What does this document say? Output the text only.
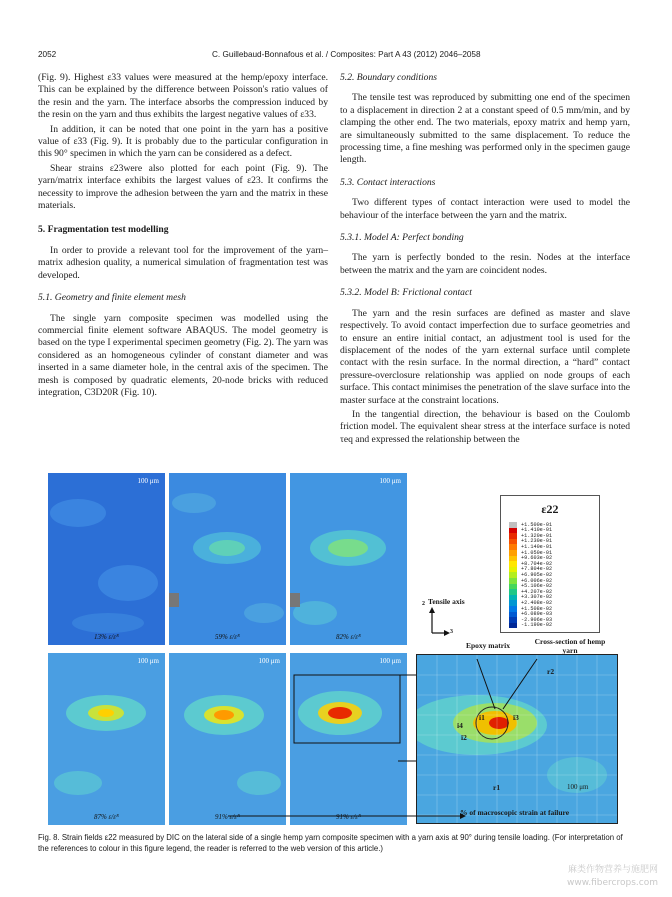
2052	C. Guillebaud-Bonnafous et al. / Composites: Part A 43 (2012) 2046–2058

(Fig. 9). Highest ε33 values were measured at the hemp/epoxy interface. This can be explained by the difference between Poisson's ratio values of the resin and the yarn. The interface absorbs the compression induced by the resin on the yarn and thus exhibits the largest negative values of ε33.

In addition, it can be noted that one point in the yarn has a positive value of ε33 (Fig. 9). It is probably due to the particular configuration in this 90° specimen in which the yarn can be considered as a defect.

Shear strains ε23were also plotted for each point (Fig. 9). The yarn/matrix interface exhibits the largest values of ε23. It confirms the necessity to improve the adhesion between the yarn and the matrix in these materials.

5. Fragmentation test modelling

In order to provide a relevant tool for the improvement of the yarn–matrix adhesion quality, a numerical simulation of fragmentation test was developed.

5.1. Geometry and finite element mesh

The single yarn composite specimen was modelled using the commercial finite element software ABAQUS. The model geometry is based on the type I experimental specimen geometry (Fig. 2). The yarn was considered as an homogeneous cylinder of constant diameter and was inserted in a same diameter hole, in the central axis of the specimen. The mesh is composed by quadratic elements, 20-node bricks with reduced integration, C3D20R (Fig. 10).

5.2. Boundary conditions

The tensile test was reproduced by submitting one end of the specimen to a displacement in direction 2 at a constant speed of 0.5 mm/min, and by clamping the other end. The two materials, epoxy matrix and hemp yarn, are simultaneously submitted to the same displacement. To reduce the processing time, a fine meshing was performed only in the specimen gauge length.

5.3. Contact interactions

Two different types of contact interaction were used to model the behaviour of the interface between the yarn and the matrix.

5.3.1. Model A: Perfect bonding

The yarn is perfectly bonded to the resin. Nodes at the interface between the matrix and the yarn are coincident nodes.

5.3.2. Model B: Frictional contact

The yarn and the resin surfaces are defined as master and slave respectively. To avoid contact imperfection due to surface geometries and to ensure an entire initial contact, an adjustment tool is used for the displacement of the nodes of the yarn external surface until complete contact with the resin surface. In the normal direction, a “hard” contact pressure-overclosure relationship was applied on node groups of each surface. This contact minimises the penetration of the slave surface into the master surface at the constraint locations.

In the tangential direction, the behaviour is based on the Coulomb friction model. The equivalent shear stress at the interface surface is noted τeq and expressed the relationship between the

100 μm
13% ε/εᴿ	59% ε/εᴿ
100 μm
82% ε/εᴿ
100 μm
87% ε/εᴿ
100 μm
91% ε/εᴿ
100 μm
91% ε/εᴿ
ε22
+1.500e-01
+1.410e-01
+1.320e-01
+1.230e-01
+1.140e-01
+1.050e-01
+9.603e-02
+8.704e-02
+7.804e-02
+6.905e-02
+6.006e-02
+5.106e-02
+4.207e-02
+3.307e-02
+2.408e-02
+1.508e-02
+6.089e-03
-2.906e-03
-1.190e-02
Tensile axis
2
3
Epoxy matrix	Cross-section of hemp yarn
r2
i1
i2
i3
i4
r1	100 μm
% of macroscopic strain at failure
Fig. 8. Strain fields ε22 measured by DIC on the lateral side of a single hemp yarn composite specimen with a yarn axis at 90° during tensile loading. (For interpretation of the references to colour in this figure legend, the reader is referred to the web version of this article.)
麻类作物营养与施肥网
www.fibercrops.com
